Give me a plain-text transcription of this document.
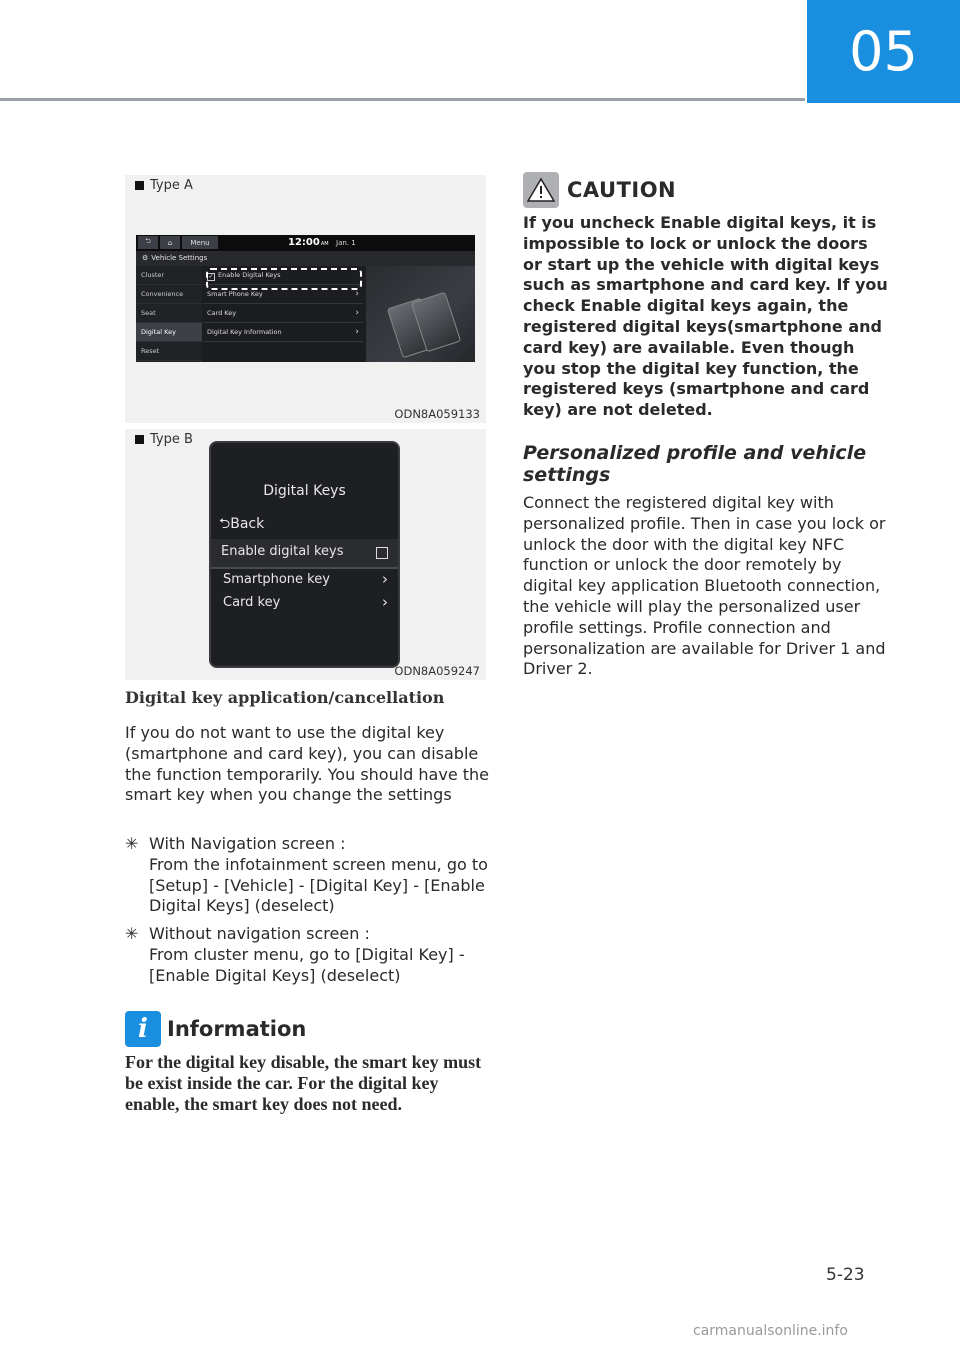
05
Type A
⮌	⌂	Menu	12:00AM Jan. 1
⚙ Vehicle Settings
Cluster
Convenience
Seat
Digital Key
Reset
✓ Enable Digital Keys
Smart Phone Key	›
Card Key	›
Digital Key Information	›
ODN8A059133
Type B
Digital Keys
⮌Back
Enable digital keys
Smartphone key	›
Card key	›
ODN8A059247
Digital key application/cancellation
If you do not want to use the digital key (smartphone and card key), you can disable the function temporarily. You should have the smart key when you change the settings
✳ With Navigation screen :
From the infotainment screen menu, go to [Setup] - [Vehicle] - [Digital Key] - [Enable Digital Keys] (deselect)
✳ Without navigation screen :
From cluster menu, go to [Digital Key] - [Enable Digital Keys] (deselect)
i Information
For the digital key disable, the smart key must be exist inside the car. For the digital key enable, the smart key does not need.
CAUTION
If you uncheck Enable digital keys, it is impossible to lock or unlock the doors or start up the vehicle with digital keys such as smartphone and card key. If you check Enable digital keys again, the registered digital keys(smartphone and card key) are available. Even though you stop the digital key function, the registered keys (smartphone and card key) are not deleted.
Personalized profile and vehicle settings
Connect the registered digital key with personalized profile. Then in case you lock or unlock the door with the digital key NFC function or unlock the door remotely by digital key application Bluetooth connection, the vehicle will play the personalized user profile settings. Profile connection and personalization are available for Driver 1 and Driver 2.
5-23
carmanualsonline.info
